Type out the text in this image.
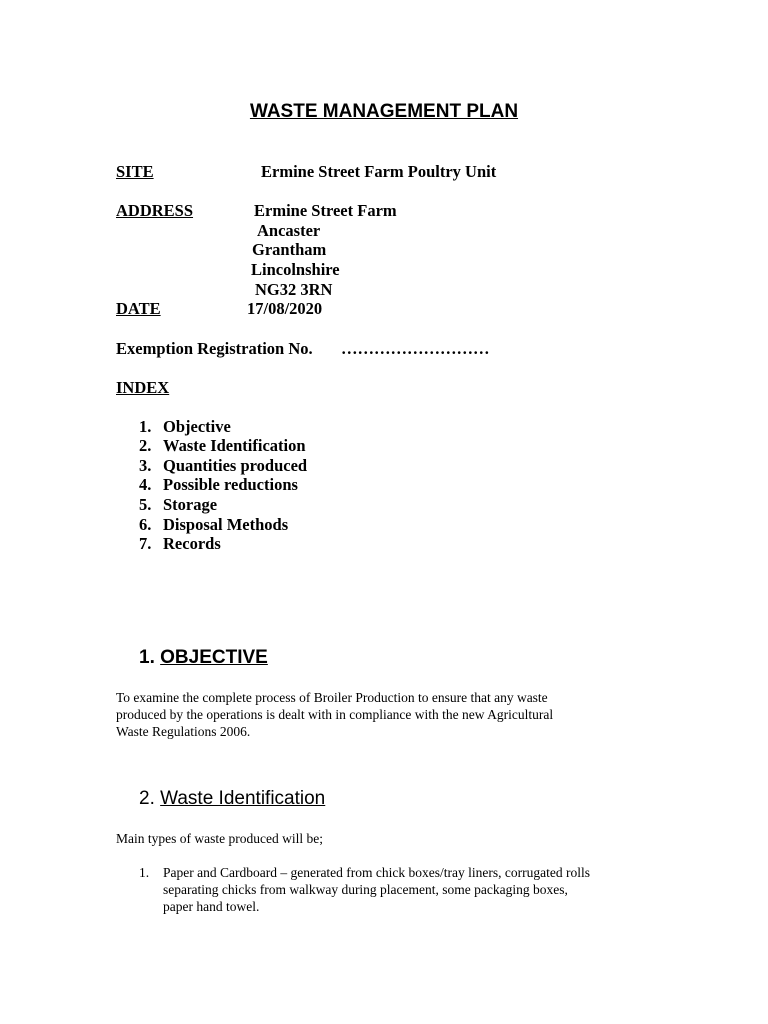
WASTE MANAGEMENT PLAN
SITE	Ermine Street Farm Poultry Unit
ADDRESS	Ermine Street Farm
Ancaster
Grantham
Lincolnshire
NG32 3RN
DATE	17/08/2020
Exemption Registration No. ………………………
INDEX
1. Objective
2. Waste Identification
3. Quantities produced
4. Possible reductions
5. Storage
6. Disposal Methods
7. Records
1. OBJECTIVE
To examine the complete process of Broiler Production to ensure that any waste
produced by the operations is dealt with in compliance with the new Agricultural
Waste Regulations 2006.
2. Waste Identification
Main types of waste produced will be;
1. Paper and Cardboard – generated from chick boxes/tray liners, corrugated rolls
separating chicks from walkway during placement, some packaging boxes,
paper hand towel.
